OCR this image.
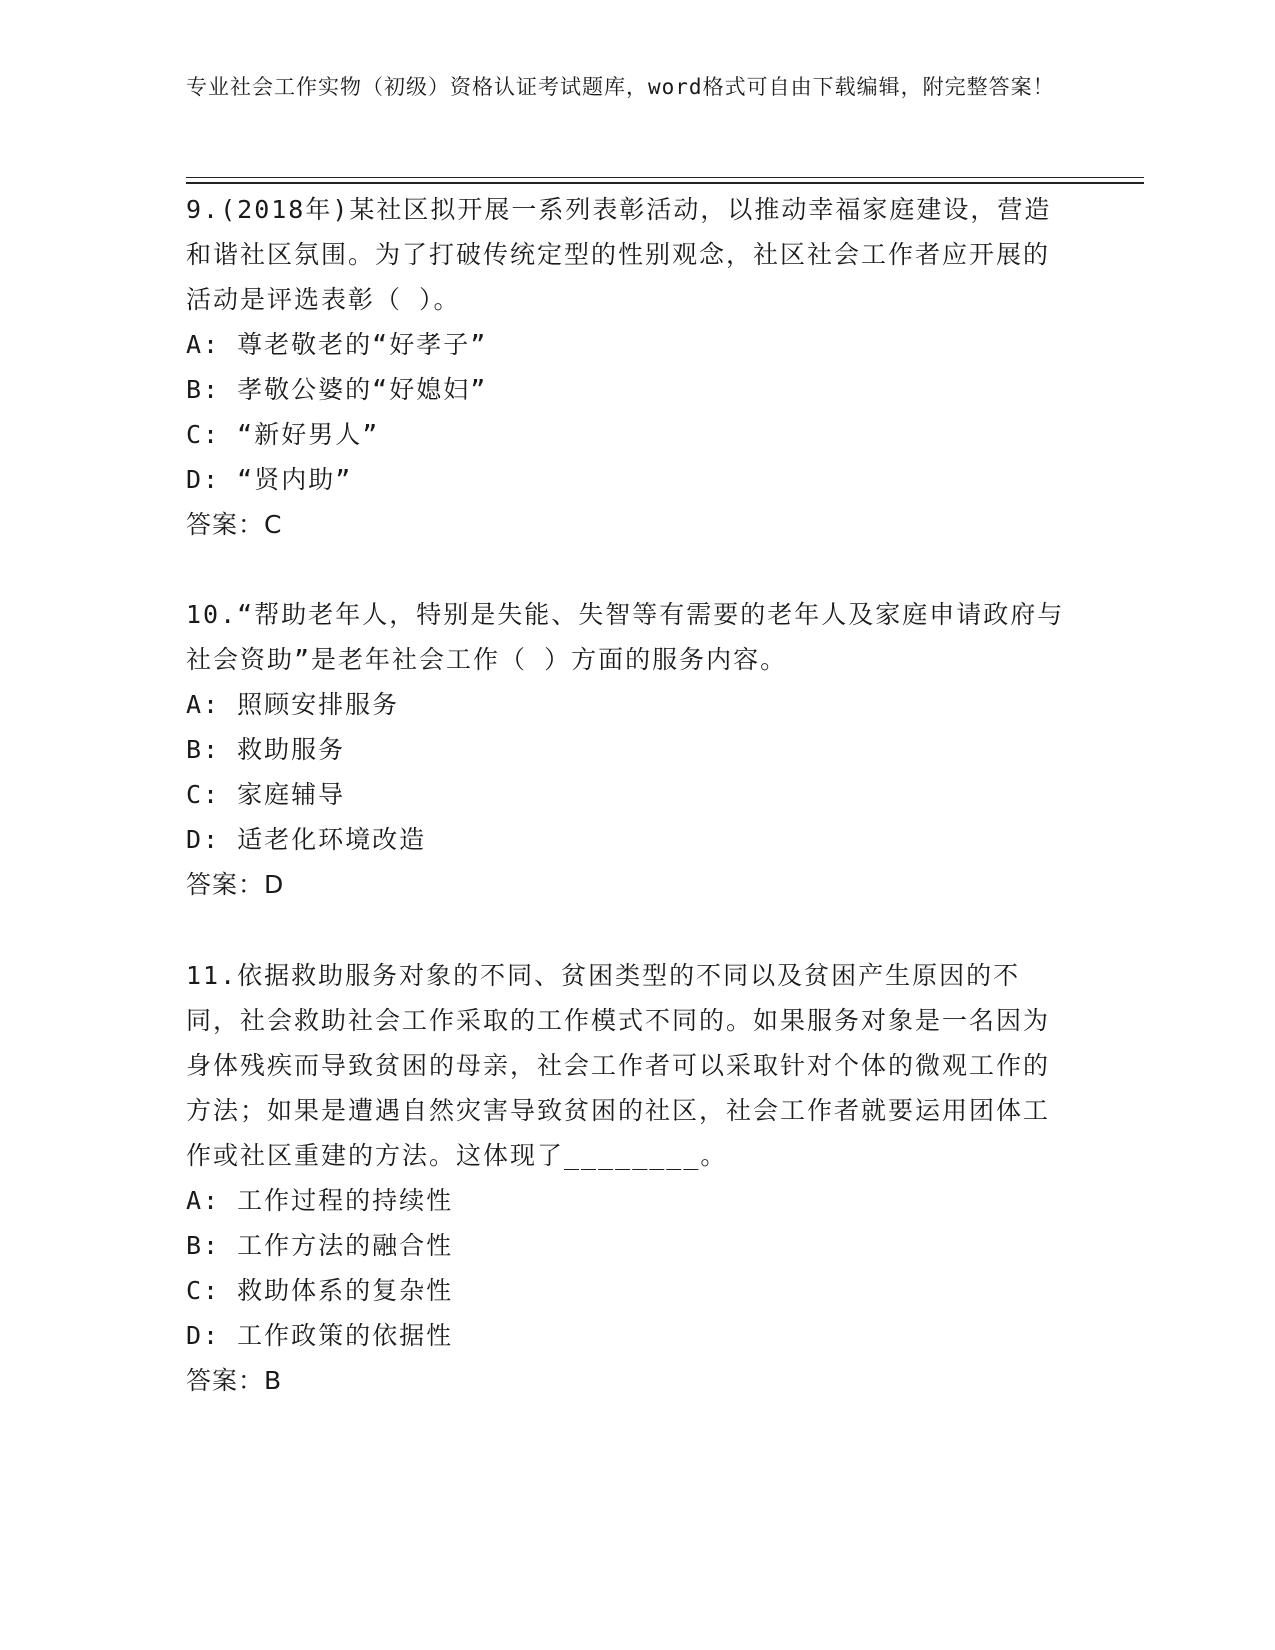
专业社会工作实物（初级）资格认证考试题库，word格式可自由下载编辑，附完整答案！

9.(2018年)某社区拟开展一系列表彰活动，以推动幸福家庭建设，营造和谐社区氛围。为了打破传统定型的性别观念，社区社会工作者应开展的活动是评选表彰（ ）。

A: 尊老敬老的“好孝子”

B: 孝敬公婆的“好媳妇”

C: “新好男人”

D: “贤内助”

答案：C

10.“帮助老年人，特别是失能、失智等有需要的老年人及家庭申请政府与社会资助”是老年社会工作（ ）方面的服务内容。

A: 照顾安排服务

B: 救助服务

C: 家庭辅导

D: 适老化环境改造

答案：D

11.依据救助服务对象的不同、贫困类型的不同以及贫困产生原因的不同，社会救助社会工作采取的工作模式不同的。如果服务对象是一名因为身体残疾而导致贫困的母亲，社会工作者可以采取针对个体的微观工作的方法；如果是遭遇自然灾害导致贫困的社区，社会工作者就要运用团体工作或社区重建的方法。这体现了________。

A: 工作过程的持续性

B: 工作方法的融合性

C: 救助体系的复杂性

D: 工作政策的依据性

答案：B
